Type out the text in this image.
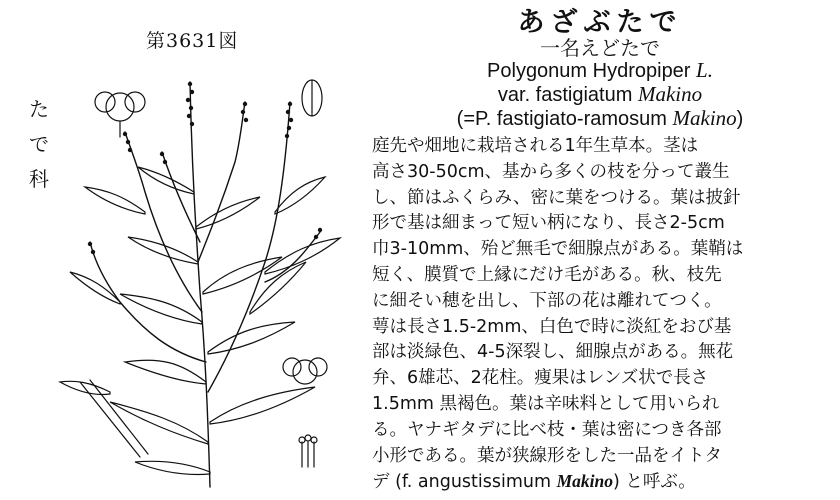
第3631図
た
で
科
あざぶたで
一名えどたで
Polygonum Hydropiper L.
var. fastigiatum Makino
(=P. fastigiato-ramosum Makino)
庭先や畑地に栽培される1年生草本。茎は
高さ30-50cm、基から多くの枝を分って叢生
し、節はふくらみ、密に葉をつける。葉は披針
形で基は細まって短い柄になり、長さ2-5cm
巾3-10mm、殆ど無毛で細腺点がある。葉鞘は
短く、膜質で上縁にだけ毛がある。秋、枝先
に細そい穂を出し、下部の花は離れてつく。
萼は長さ1.5-2mm、白色で時に淡紅をおび基
部は淡緑色、4-5深裂し、細腺点がある。無花
弁、6雄芯、2花柱。痩果はレンズ状で長さ
1.5mm 黒褐色。葉は辛味料として用いられ
る。ヤナギタデに比べ枝・葉は密につき各部
小形である。葉が狭線形をした一品をイトタ
デ (f. angustissimum Makino) と呼ぶ。
